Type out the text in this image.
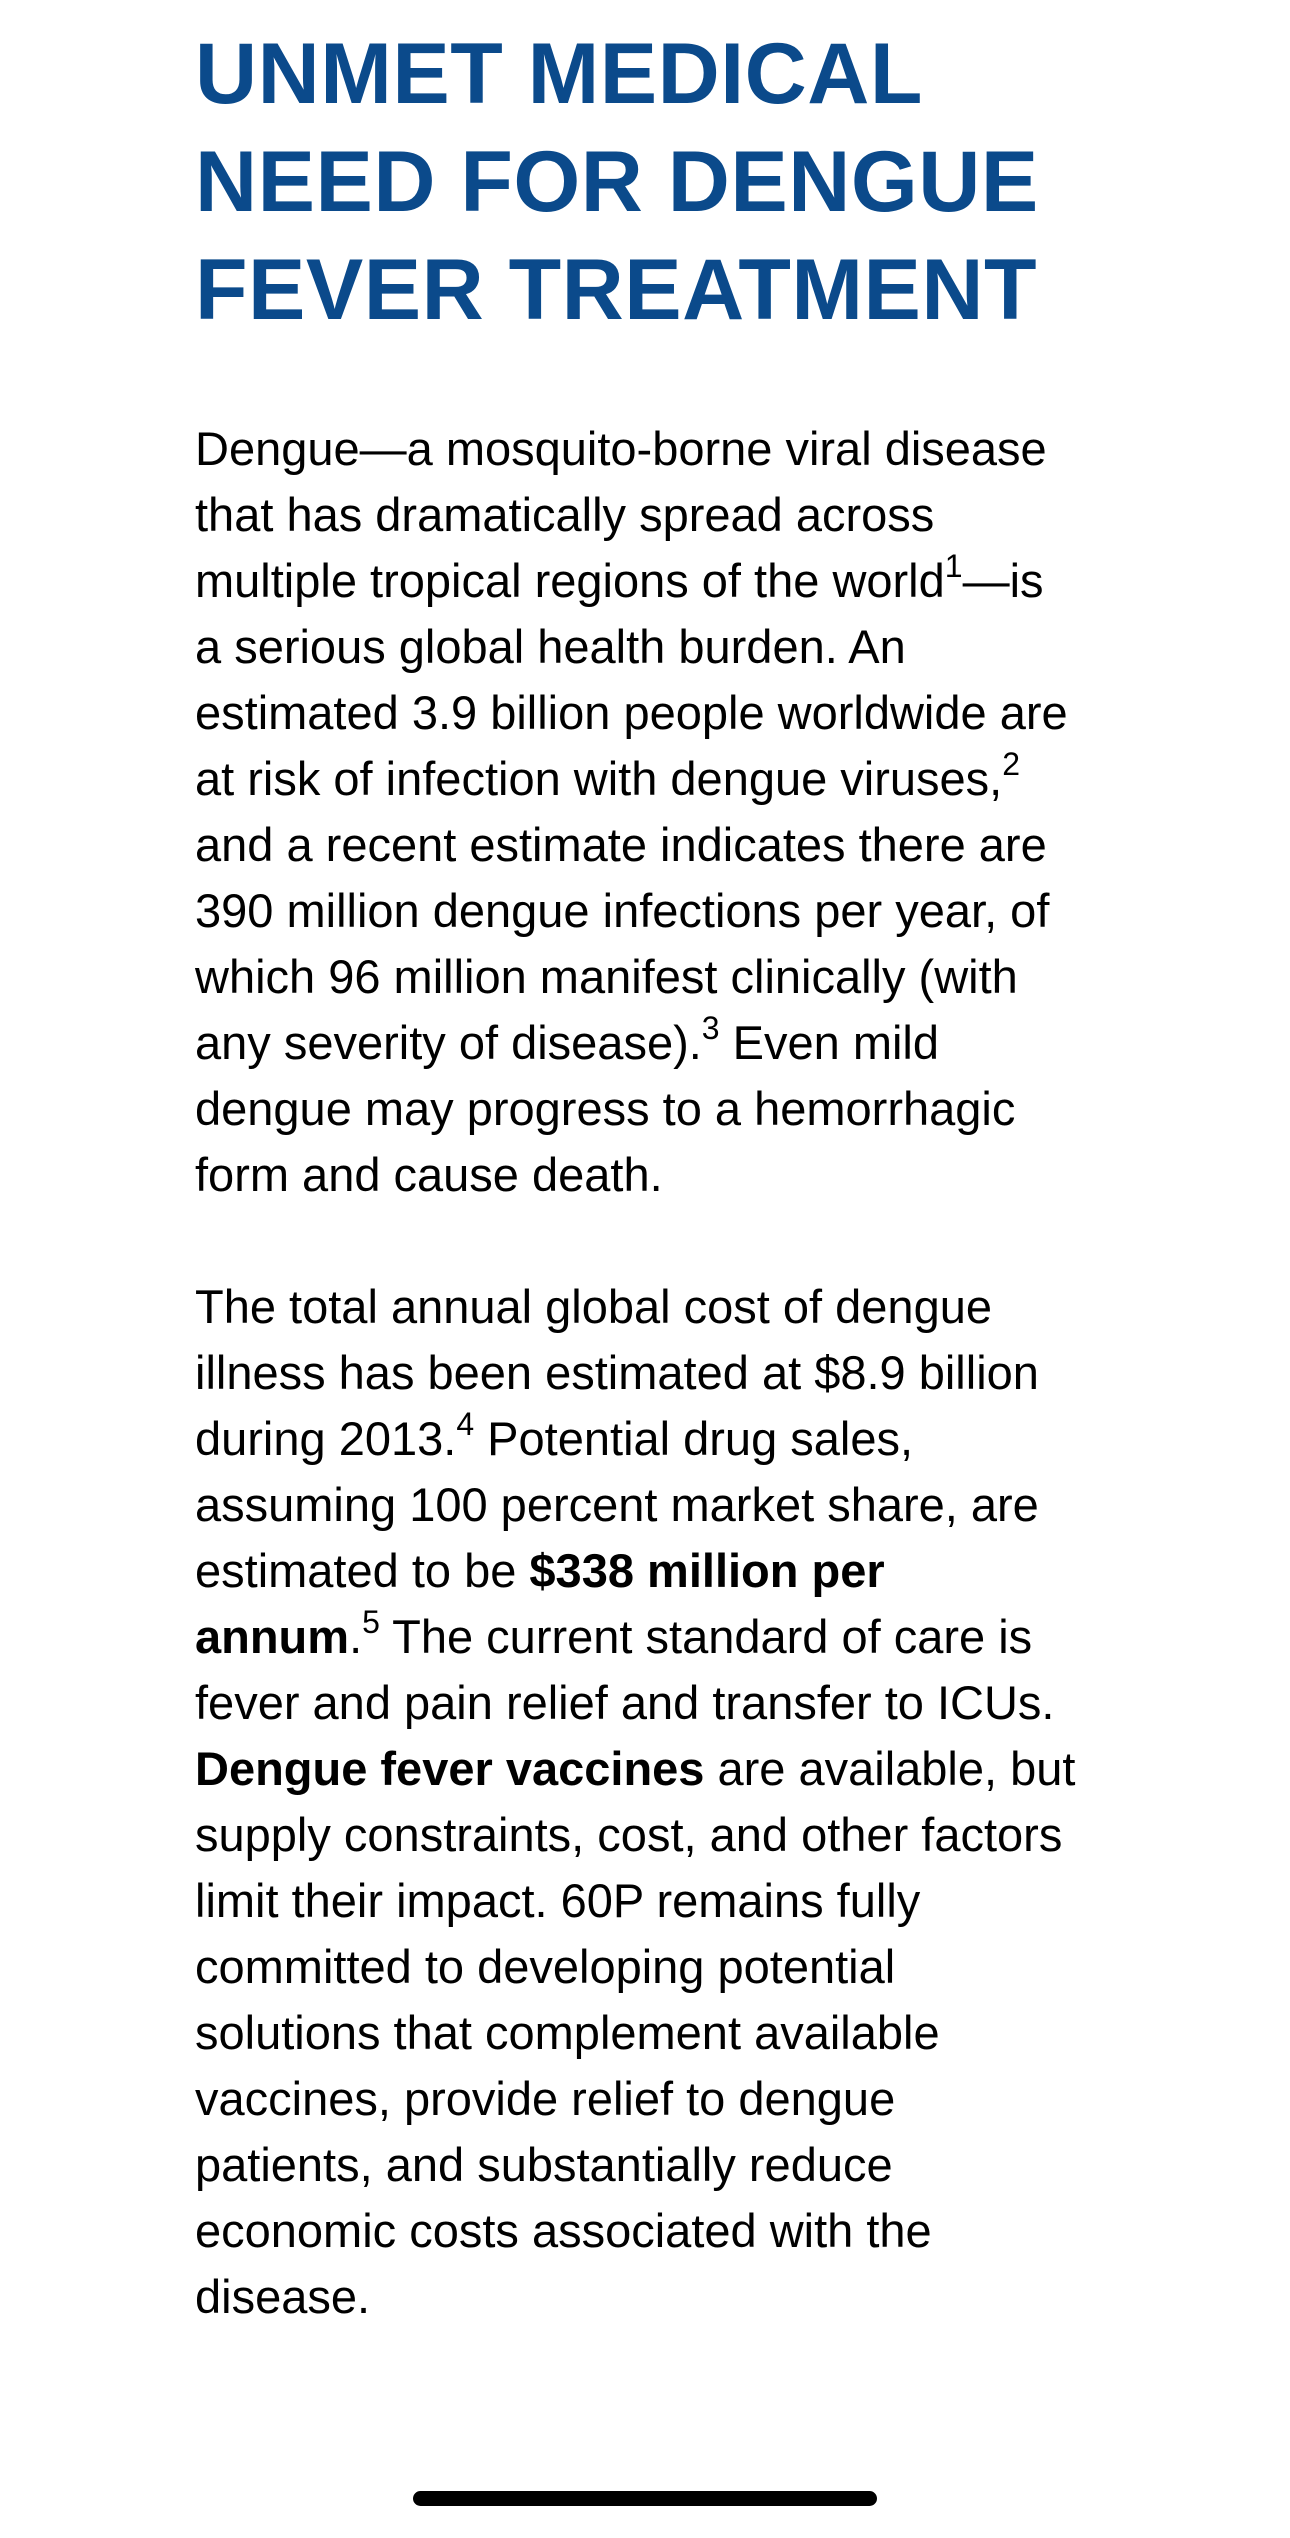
UNMET MEDICAL
NEED FOR DENGUE
FEVER TREATMENT

Dengue—a mosquito-borne viral disease
that has dramatically spread across
multiple tropical regions of the world$^1$—is
a serious global health burden. An
estimated 3.9 billion people worldwide are
at risk of infection with dengue viruses,$^2$
and a recent estimate indicates there are
390 million dengue infections per year, of
which 96 million manifest clinically (with
any severity of disease).$^3$ Even mild
dengue may progress to a hemorrhagic
form and cause death.

The total annual global cost of dengue
illness has been estimated at $8.9 billion
during 2013.$^4$ Potential drug sales,
assuming 100 percent market share, are
estimated to be $338 million per
annum.$^5$ The current standard of care is
fever and pain relief and transfer to ICUs.
Dengue fever vaccines are available, but
supply constraints, cost, and other factors
limit their impact. 60P remains fully
committed to developing potential
solutions that complement available
vaccines, provide relief to dengue
patients, and substantially reduce
economic costs associated with the
disease.
